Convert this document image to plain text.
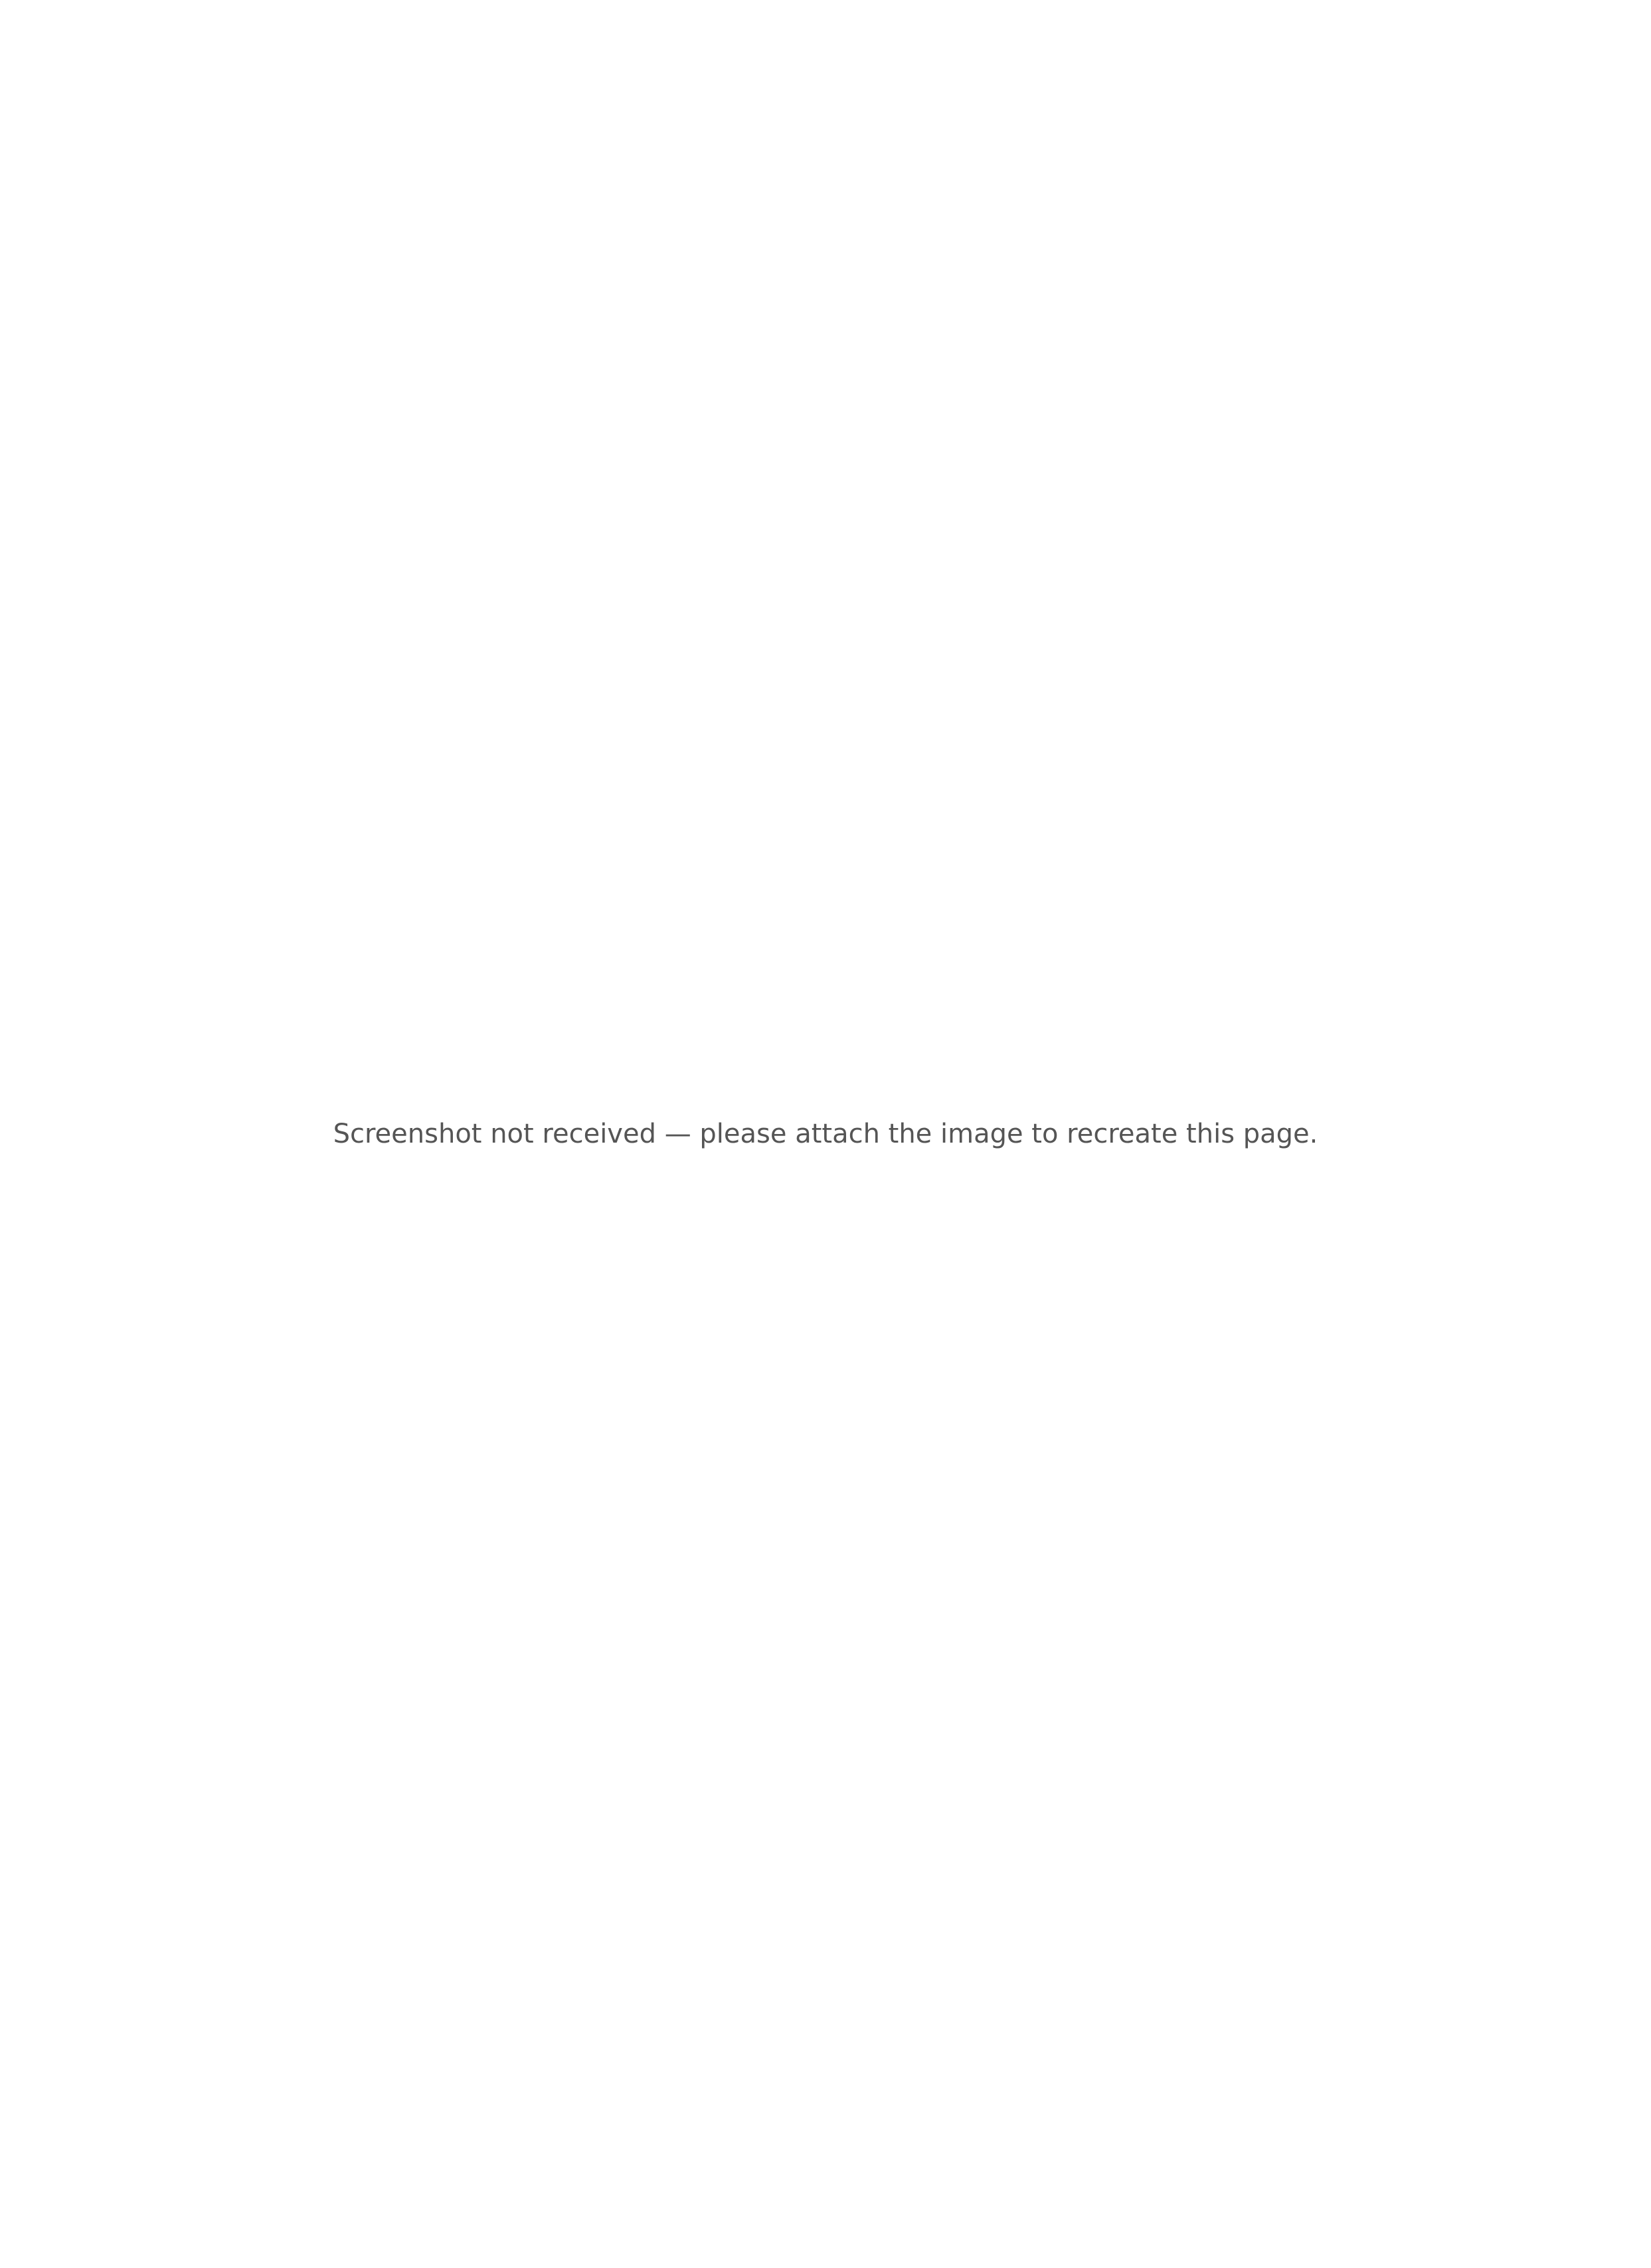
Screenshot not received — please attach the image to recreate this page.
